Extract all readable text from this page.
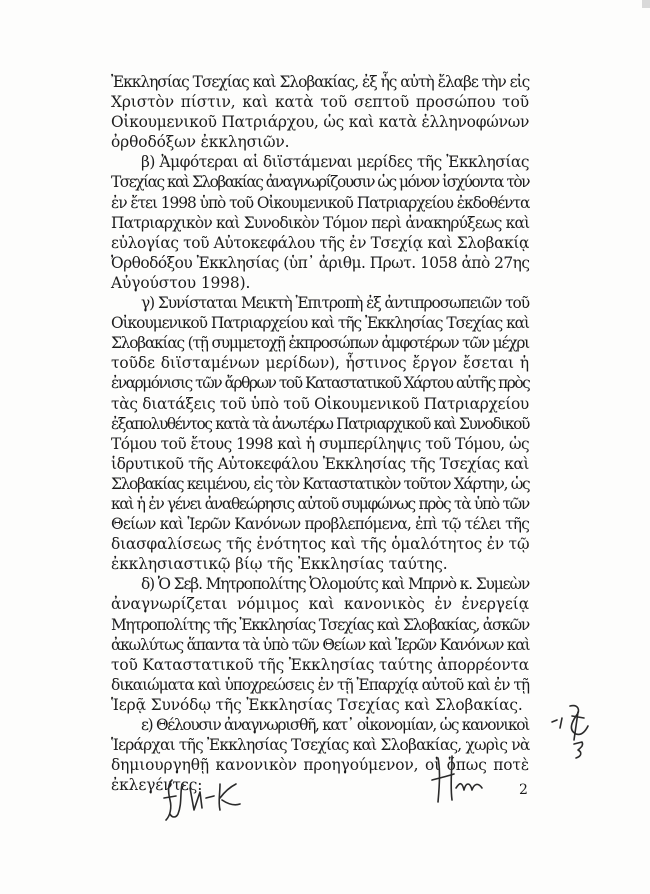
Ἐκκλησίας Τσεχίας καὶ Σλοβακίας, ἐξ ἧς αὐτὴ ἔλαβε τὴν εἰς
Χριστὸν πίστιν, καὶ κατὰ τοῦ σεπτοῦ προσώπου τοῦ
Οἰκουμενικοῦ Πατριάρχου, ὡς καὶ κατὰ ἑλληνοφώνων
ὀρθοδόξων ἐκκλησιῶν.

β) Ἀμφότεραι αἱ διϊστάμεναι μερίδες τῆς Ἐκκλησίας
Τσεχίας καὶ Σλοβακίας ἀναγνωρίζουσιν ὡς μόνον ἰσχύοντα τὸν
ἐν ἔτει 1998 ὑπὸ τοῦ Οἰκουμενικοῦ Πατριαρχείου ἐκδοθέντα
Πατριαρχικὸν καὶ Συνοδικὸν Τόμον περὶ ἀνακηρύξεως καὶ
εὐλογίας τοῦ Αὐτοκεφάλου τῆς ἐν Τσεχίᾳ καὶ Σλοβακίᾳ
Ὀρθοδόξου Ἐκκλησίας (ὑπ᾽ ἀριθμ. Πρωτ. 1058 ἀπὸ 27ης
Αὐγούστου 1998).

γ) Συνίσταται Μεικτὴ Ἐπιτροπὴ ἐξ ἀντιπροσωπειῶν τοῦ
Οἰκουμενικοῦ Πατριαρχείου καὶ τῆς Ἐκκλησίας Τσεχίας καὶ
Σλοβακίας (τῇ συμμετοχῇ ἐκπροσώπων ἀμφοτέρων τῶν μέχρι
τοῦδε διϊσταμένων μερίδων), ἧστινος ἔργον ἔσεται ἡ
ἐναρμόνισις τῶν ἄρθρων τοῦ Καταστατικοῦ Χάρτου αὐτῆς πρὸς
τὰς διατάξεις τοῦ ὑπὸ τοῦ Οἰκουμενικοῦ Πατριαρχείου
ἐξαπολυθέντος κατὰ τὰ ἀνωτέρω Πατριαρχικοῦ καὶ Συνοδικοῦ
Τόμου τοῦ ἔτους 1998 καὶ ἡ συμπερίληψις τοῦ Τόμου, ὡς
ἱδρυτικοῦ τῆς Αὐτοκεφάλου Ἐκκλησίας τῆς Τσεχίας καὶ
Σλοβακίας κειμένου, εἰς τὸν Καταστατικὸν τοῦτον Χάρτην, ὡς
καὶ ἡ ἐν γένει ἀναθεώρησις αὐτοῦ συμφώνως πρὸς τὰ ὑπὸ τῶν
Θείων καὶ Ἱερῶν Κανόνων προβλεπόμενα, ἐπὶ τῷ τέλει τῆς
διασφαλίσεως τῆς ἑνότητος καὶ τῆς ὁμαλότητος ἐν τῷ
ἐκκλησιαστικῷ βίῳ τῆς Ἐκκλησίας ταύτης.

δ) Ὁ Σεβ. Μητροπολίτης Ὀλομούτς καὶ Μπρνὸ κ. Συμεὼν
ἀναγνωρίζεται νόμιμος καὶ κανονικὸς ἐν ἐνεργείᾳ
Μητροπολίτης τῆς Ἐκκλησίας Τσεχίας καὶ Σλοβακίας, ἀσκῶν
ἀκωλύτως ἅπαντα τὰ ὑπὸ τῶν Θείων καὶ Ἱερῶν Κανόνων καὶ
τοῦ Καταστατικοῦ τῆς Ἐκκλησίας ταύτης ἀπορρέοντα
δικαιώματα καὶ ὑποχρεώσεις ἐν τῇ Ἐπαρχίᾳ αὐτοῦ καὶ ἐν τῇ
Ἱερᾷ Συνόδῳ τῆς Ἐκκλησίας Τσεχίας καὶ Σλοβακίας.

ε) Θέλουσιν ἀναγνωρισθῆ, κατ᾽ οἰκονομίαν, ὡς κανονικοὶ
Ἱεράρχαι τῆς Ἐκκλησίας Τσεχίας καὶ Σλοβακίας, χωρὶς νὰ
δημιουργηθῇ κανονικὸν προηγούμενον, οἱ ὅπως ποτὲ
ἐκλεγέντες:	2
